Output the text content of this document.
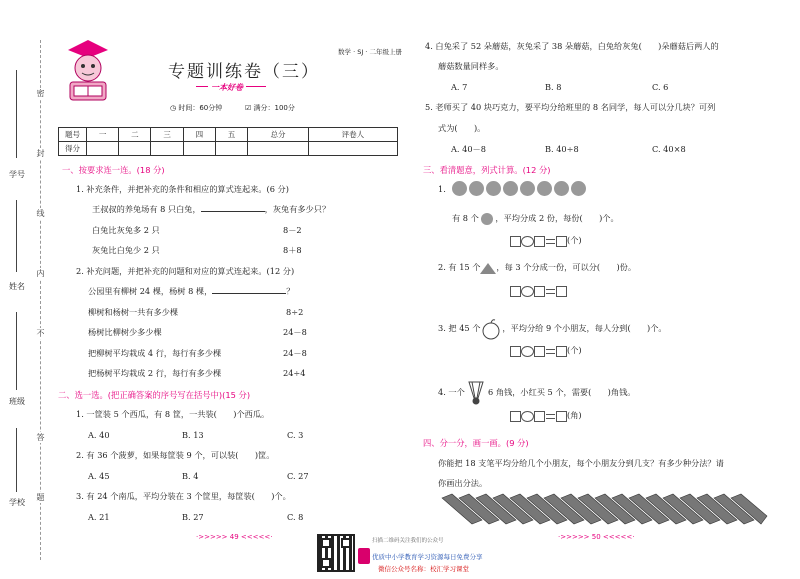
密
封
线
内
不
答
题
学号
姓名
班级
学校
数学 · SJ · 二年级上册
专题训练卷（三）
一本好卷
◷ 时间：60分钟	☑ 满分：100分
题号	一	二	三	四	五	总分	评卷人
得分							
一、按要求连一连。(18 分)
1. 补充条件，并把补充的条件和相应的算式连起来。(6 分)
王叔叔的养兔场有 8 只白兔，	，灰兔有多少只？
白兔比灰兔多 2 只	8－2
灰兔比白兔少 2 只	8＋8
2. 补充问题，并把补充的问题和对应的算式连起来。(12 分)
公园里有柳树 24 棵，杨树 8 棵，	？
柳树和杨树一共有多少棵	8÷2
杨树比柳树少多少棵	24－8
把柳树平均栽成 4 行，每行有多少棵	24－8
把杨树平均栽成 2 行，每行有多少棵	24÷4
二、选一选。(把正确答案的序号写在括号中)(15 分)
1. 一筐装 5 个西瓜，有 8 筐，一共装(　　)个西瓜。
A. 40	B. 13	C. 3
2. 有 36 个菠萝，如果每筐装 9 个，可以装(　　)筐。
A. 45	B. 4	C. 27
3. 有 24 个南瓜，平均分装在 3 个筐里，每筐装(　　)个。
A. 21	B. 27	C. 8
4. 白兔采了 52 朵蘑菇，灰兔采了 38 朵蘑菇，白兔给灰兔(　　)朵蘑菇后两人的
蘑菇数量同样多。
A. 7	B. 8	C. 6
5. 老师买了 40 块巧克力，要平均分给班里的 8 名同学，每人可以分几块？可列
式为(　　)。
A. 40－8	B. 40÷8	C. 40×8
三、看清题意，列式计算。(12 分)
1.
有 8 个 ，平均分成 2 份，每份(　　)个。
(个)
2. 有 15 个 ，每 3 个分成一份，可以分(　　)份。
3. 把 45 个	，平均分给 9 个小朋友，每人分到(　　)个。
(个)
4. 一个	6 角钱，小红买 5 个，需要(　　)角钱。
(角)
四、分一分，画一画。(9 分)
你能把 18 支笔平均分给几个小朋友，每个小朋友分到几支？有多少种分法？请
你画出分法。
·>>>>> 49 <<<<<·	·>>>>> 50 <<<<<·
扫描二维码关注我们的公众号
优质中小学教育学习资源每日免费分享
微信公众号名称：校汇学习课堂
